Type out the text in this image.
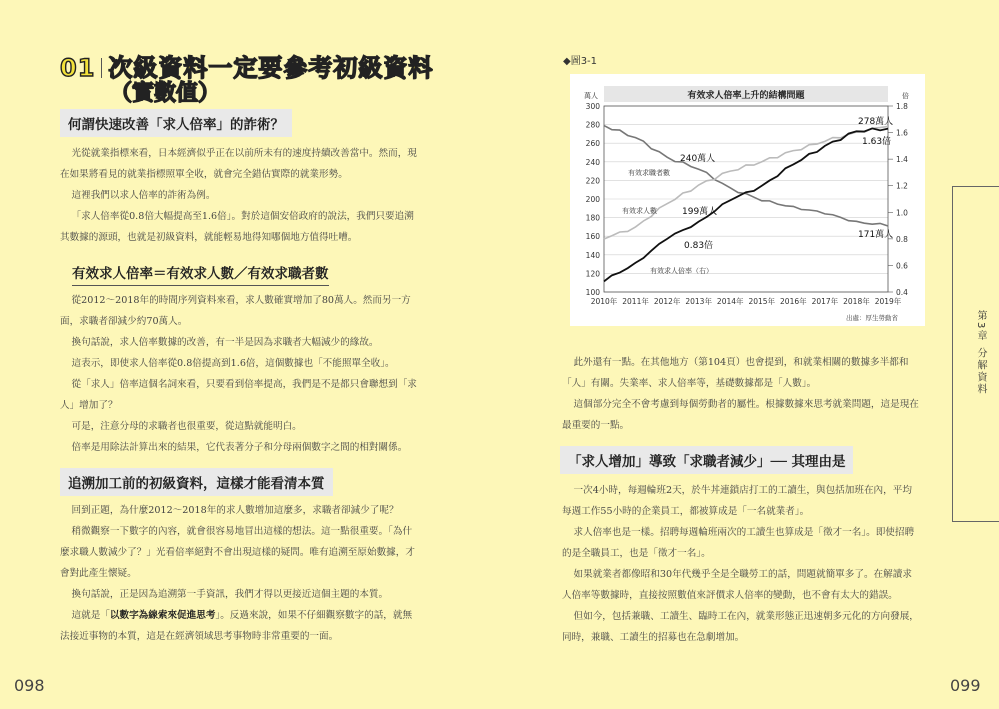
01 次級資料一定要參考初級資料
（實數值）
何謂快速改善「求人倍率」的詐術？

光從就業指標來看，日本經濟似乎正在以前所未有的速度持續改善當中。然而，現

在如果將看見的就業指標照單全收，就會完全錯估實際的就業形勢。

這裡我們以求人倍率的詐術為例。

「求人倍率從0.8倍大幅提高至1.6倍」。對於這個安倍政府的說法，我們只要追溯

其數據的源頭，也就是初級資料，就能輕易地得知哪個地方值得吐嘈。

有效求人倍率＝有效求人數／有效求職者數

從2012～2018年的時間序列資料來看，求人數確實增加了80萬人。然而另一方

面，求職者卻減少約70萬人。

換句話說，求人倍率數據的改善，有一半是因為求職者大幅減少的緣故。

這表示，即使求人倍率從0.8倍提高到1.6倍，這個數據也「不能照單全收」。

從「求人」倍率這個名詞來看，只要看到倍率提高，我們是不是都只會聯想到「求

人」增加了？

可是，注意分母的求職者也很重要，從這點就能明白。

倍率是用除法計算出來的結果，它代表著分子和分母兩個數字之間的相對關係。

追溯加工前的初級資料，這樣才能看清本質

回到正題，為什麼2012～2018年的求人數增加這麼多，求職者卻減少了呢？

稍微觀察一下數字的內容，就會很容易地冒出這樣的想法。這一點很重要。「為什

麼求職人數減少了？」光看倍率絕對不會出現這樣的疑問。唯有追溯至原始數據，才

會對此產生懷疑。

換句話說，正是因為追溯第一手資訊，我們才得以更接近這個主題的本質。

這就是「以數字為線索來促進思考」。反過來說，如果不仔細觀察數字的話，就無

法接近事物的本質，這是在經濟領域思考事物時非常重要的一面。

098
◆圖3-1
有效求人倍率上升的結構問題
萬人	倍
100
120
140
160
180
200
220
240
260
280
300
0.4
0.6
0.8
1.0
1.2
1.4
1.6
1.8
2010年 2011年 2012年 2013年 2014年 2015年 2016年 2017年 2018年 2019年
有效求職者數
有效求人數
有效求人倍率（右）
278萬人
1.63倍
240萬人
199萬人
0.83倍
171萬人
出處：厚生勞動省

此外還有一點。在其他地方（第104頁）也會提到，和就業相關的數據多半都和

「人」有關。失業率、求人倍率等，基礎數據都是「人數」。

這個部分完全不會考慮到每個勞動者的屬性。根據數據來思考就業問題，這是現在

最重要的一點。

「求人增加」導致「求職者減少」── 其理由是

一次4小時，每週輪班2天，於牛丼連鎖店打工的工讀生，與包括加班在內，平均

每週工作55小時的企業員工，都被算成是「一名就業者」。

求人倍率也是一樣。招聘每週輪班兩次的工讀生也算成是「徵才一名」。即使招聘

的是全職員工，也是「徵才一名」。

如果就業者都像昭和30年代幾乎全是全職勞工的話，問題就簡單多了。在解讀求

人倍率等數據時，直接按照數值來評價求人倍率的變動，也不會有太大的錯誤。

但如今，包括兼職、工讀生、臨時工在內，就業形態正迅速朝多元化的方向發展，

同時，兼職、工讀生的招募也在急劇增加。

第3章 分解資料
099
